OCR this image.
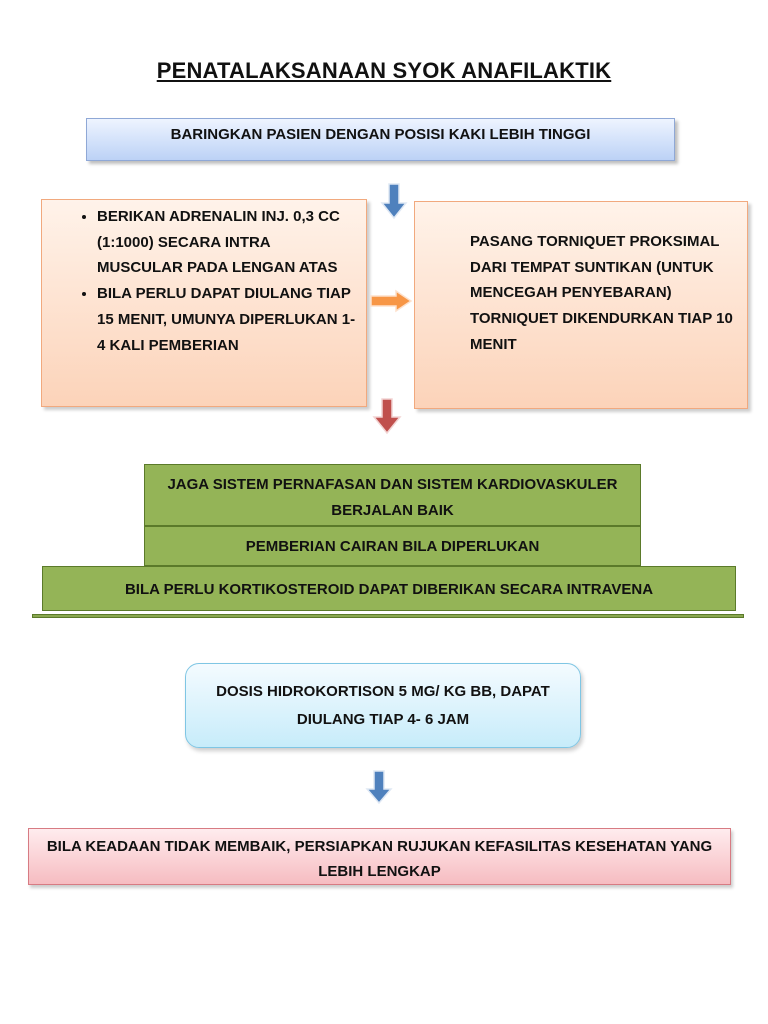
PENATALAKSANAAN SYOK ANAFILAKTIK
BARINGKAN PASIEN DENGAN POSISI KAKI LEBIH TINGGI
• BERIKAN ADRENALIN INJ. 0,3 CC (1:1000) SECARA INTRA MUSCULAR PADA LENGAN ATAS
• BILA PERLU DAPAT DIULANG TIAP 15 MENIT, UMUNYA DIPERLUKAN 1-4 KALI PEMBERIAN
PASANG TORNIQUET PROKSIMAL DARI TEMPAT SUNTIKAN (UNTUK MENCEGAH PENYEBARAN) TORNIQUET DIKENDURKAN TIAP 10 MENIT
JAGA SISTEM PERNAFASAN DAN SISTEM KARDIOVASKULER BERJALAN BAIK
PEMBERIAN CAIRAN BILA DIPERLUKAN
BILA PERLU KORTIKOSTEROID DAPAT DIBERIKAN SECARA INTRAVENA
DOSIS HIDROKORTISON 5 MG/ KG BB, DAPAT DIULANG TIAP 4- 6 JAM
BILA KEADAAN TIDAK MEMBAIK, PERSIAPKAN RUJUKAN KEFASILITAS KESEHATAN YANG LEBIH LENGKAP
